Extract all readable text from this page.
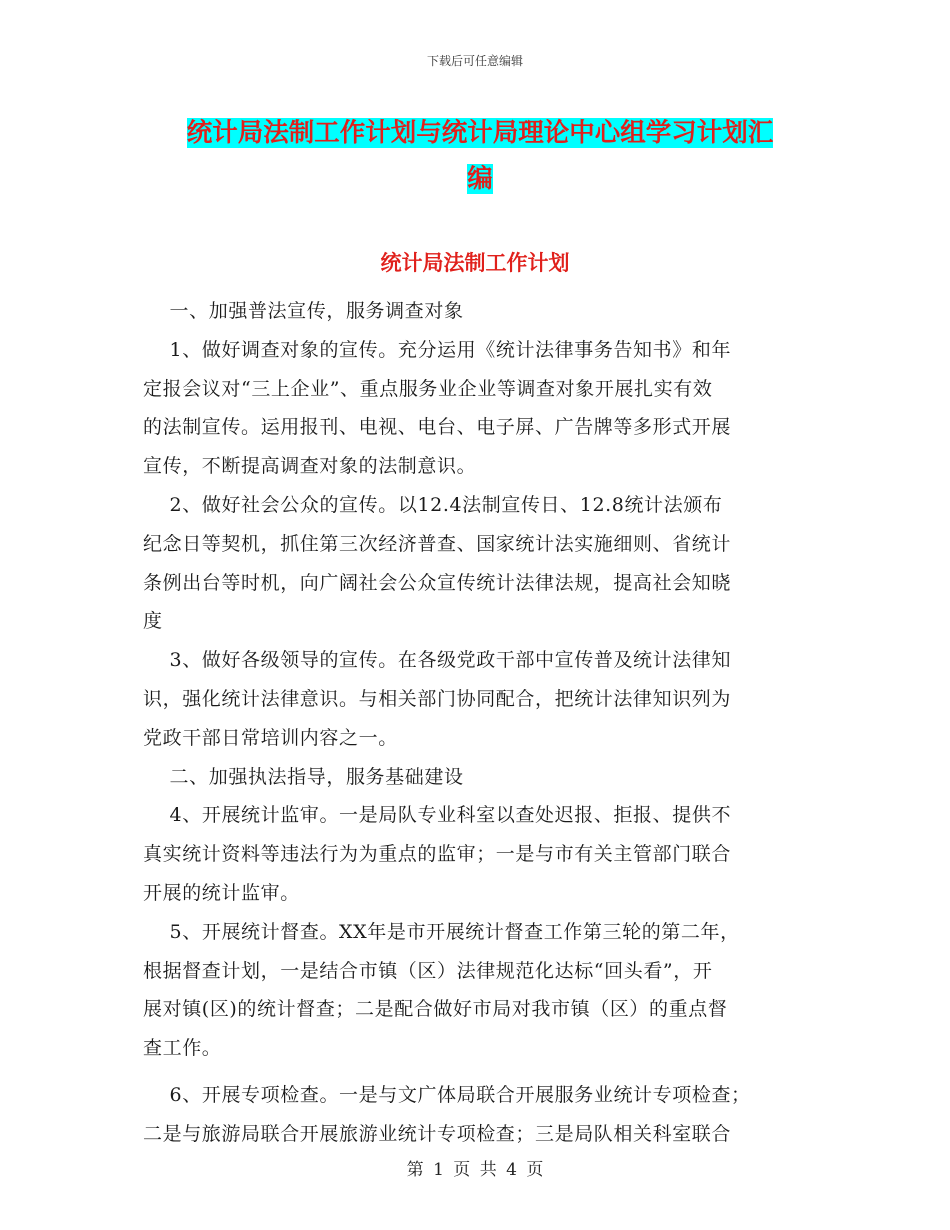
下载后可任意编辑
统计局法制工作计划与统计局理论中心组学习计划汇
编
统计局法制工作计划

一、加强普法宣传，服务调查对象

1、做好调查对象的宣传。充分运用《统计法律事务告知书》和年

定报会议对“三上企业”、重点服务业企业等调查对象开展扎实有效

的法制宣传。运用报刊、电视、电台、电子屏、广告牌等多形式开展

宣传，不断提高调查对象的法制意识。

2、做好社会公众的宣传。以12.4法制宣传日、12.8统计法颁布

纪念日等契机，抓住第三次经济普查、国家统计法实施细则、省统计

条例出台等时机，向广阔社会公众宣传统计法律法规，提高社会知晓

度

3、做好各级领导的宣传。在各级党政干部中宣传普及统计法律知

识，强化统计法律意识。与相关部门协同配合，把统计法律知识列为

党政干部日常培训内容之一。

二、加强执法指导，服务基础建设

4、开展统计监审。一是局队专业科室以查处迟报、拒报、提供不

真实统计资料等违法行为为重点的监审；一是与市有关主管部门联合

开展的统计监审。

5、开展统计督查。XX年是市开展统计督查工作第三轮的第二年，

根据督查计划，一是结合市镇（区）法律规范化达标“回头看”，开

展对镇(区)的统计督查；二是配合做好市局对我市镇（区）的重点督

查工作。

6、开展专项检查。一是与文广体局联合开展服务业统计专项检查；

二是与旅游局联合开展旅游业统计专项检查；三是局队相关科室联合

第 1 页 共 4 页
